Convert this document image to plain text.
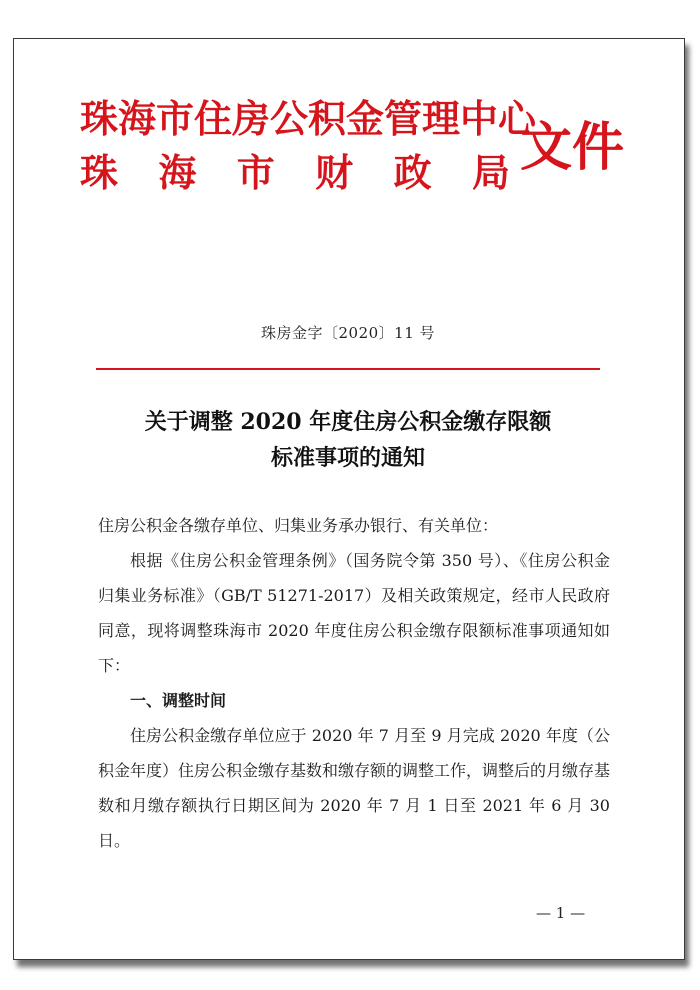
珠海市住房公积金管理中心
珠 海 市 财 政 局 文件
珠房金字〔2020〕11 号
关于调整 2020 年度住房公积金缴存限额
标准事项的通知

住房公积金各缴存单位、归集业务承办银行、有关单位：

根据《住房公积金管理条例》（国务院令第 350 号）、《住房公积金归集业务标准》（GB/T 51271-2017）及相关政策规定，经市人民政府同意，现将调整珠海市 2020 年度住房公积金缴存限额标准事项通知如下：

一、调整时间

住房公积金缴存单位应于 2020 年 7 月至 9 月完成 2020 年度（公积金年度）住房公积金缴存基数和缴存额的调整工作，调整后的月缴存基数和月缴存额执行日期区间为 2020 年 7 月 1 日至 2021 年 6 月 30 日。

— 1 —
